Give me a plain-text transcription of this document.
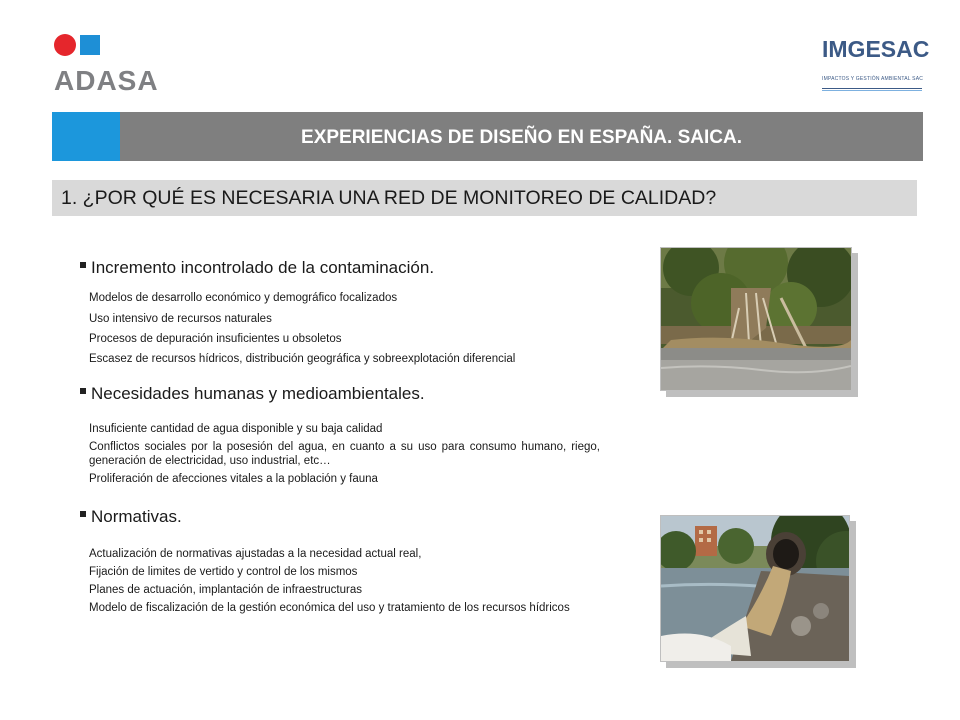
ADASA
IMGESAC
IMPACTOS Y GESTIÓN AMBIENTAL SAC
EXPERIENCIAS DE DISEÑO EN ESPAÑA. SAICA.
1. ¿POR QUÉ ES NECESARIA UNA RED DE MONITOREO DE CALIDAD?
Incremento incontrolado de la contaminación.
Modelos de desarrollo económico y demográfico focalizados
Uso intensivo de recursos naturales
Procesos de depuración insuficientes u obsoletos
Escasez de recursos hídricos, distribución geográfica y sobreexplotación diferencial
Necesidades humanas y medioambientales.
Insuficiente cantidad de agua disponible y su baja calidad
Conflictos sociales por la posesión del agua, en cuanto a su uso para consumo humano, riego, generación de electricidad, uso industrial, etc…
Proliferación de afecciones vitales a la población y fauna
Normativas.
Actualización de normativas ajustadas a la necesidad actual real,
Fijación de limites de vertido y control de los mismos
Planes de actuación, implantación de infraestructuras
Modelo de fiscalización de la gestión económica del uso y tratamiento de los recursos hídricos
